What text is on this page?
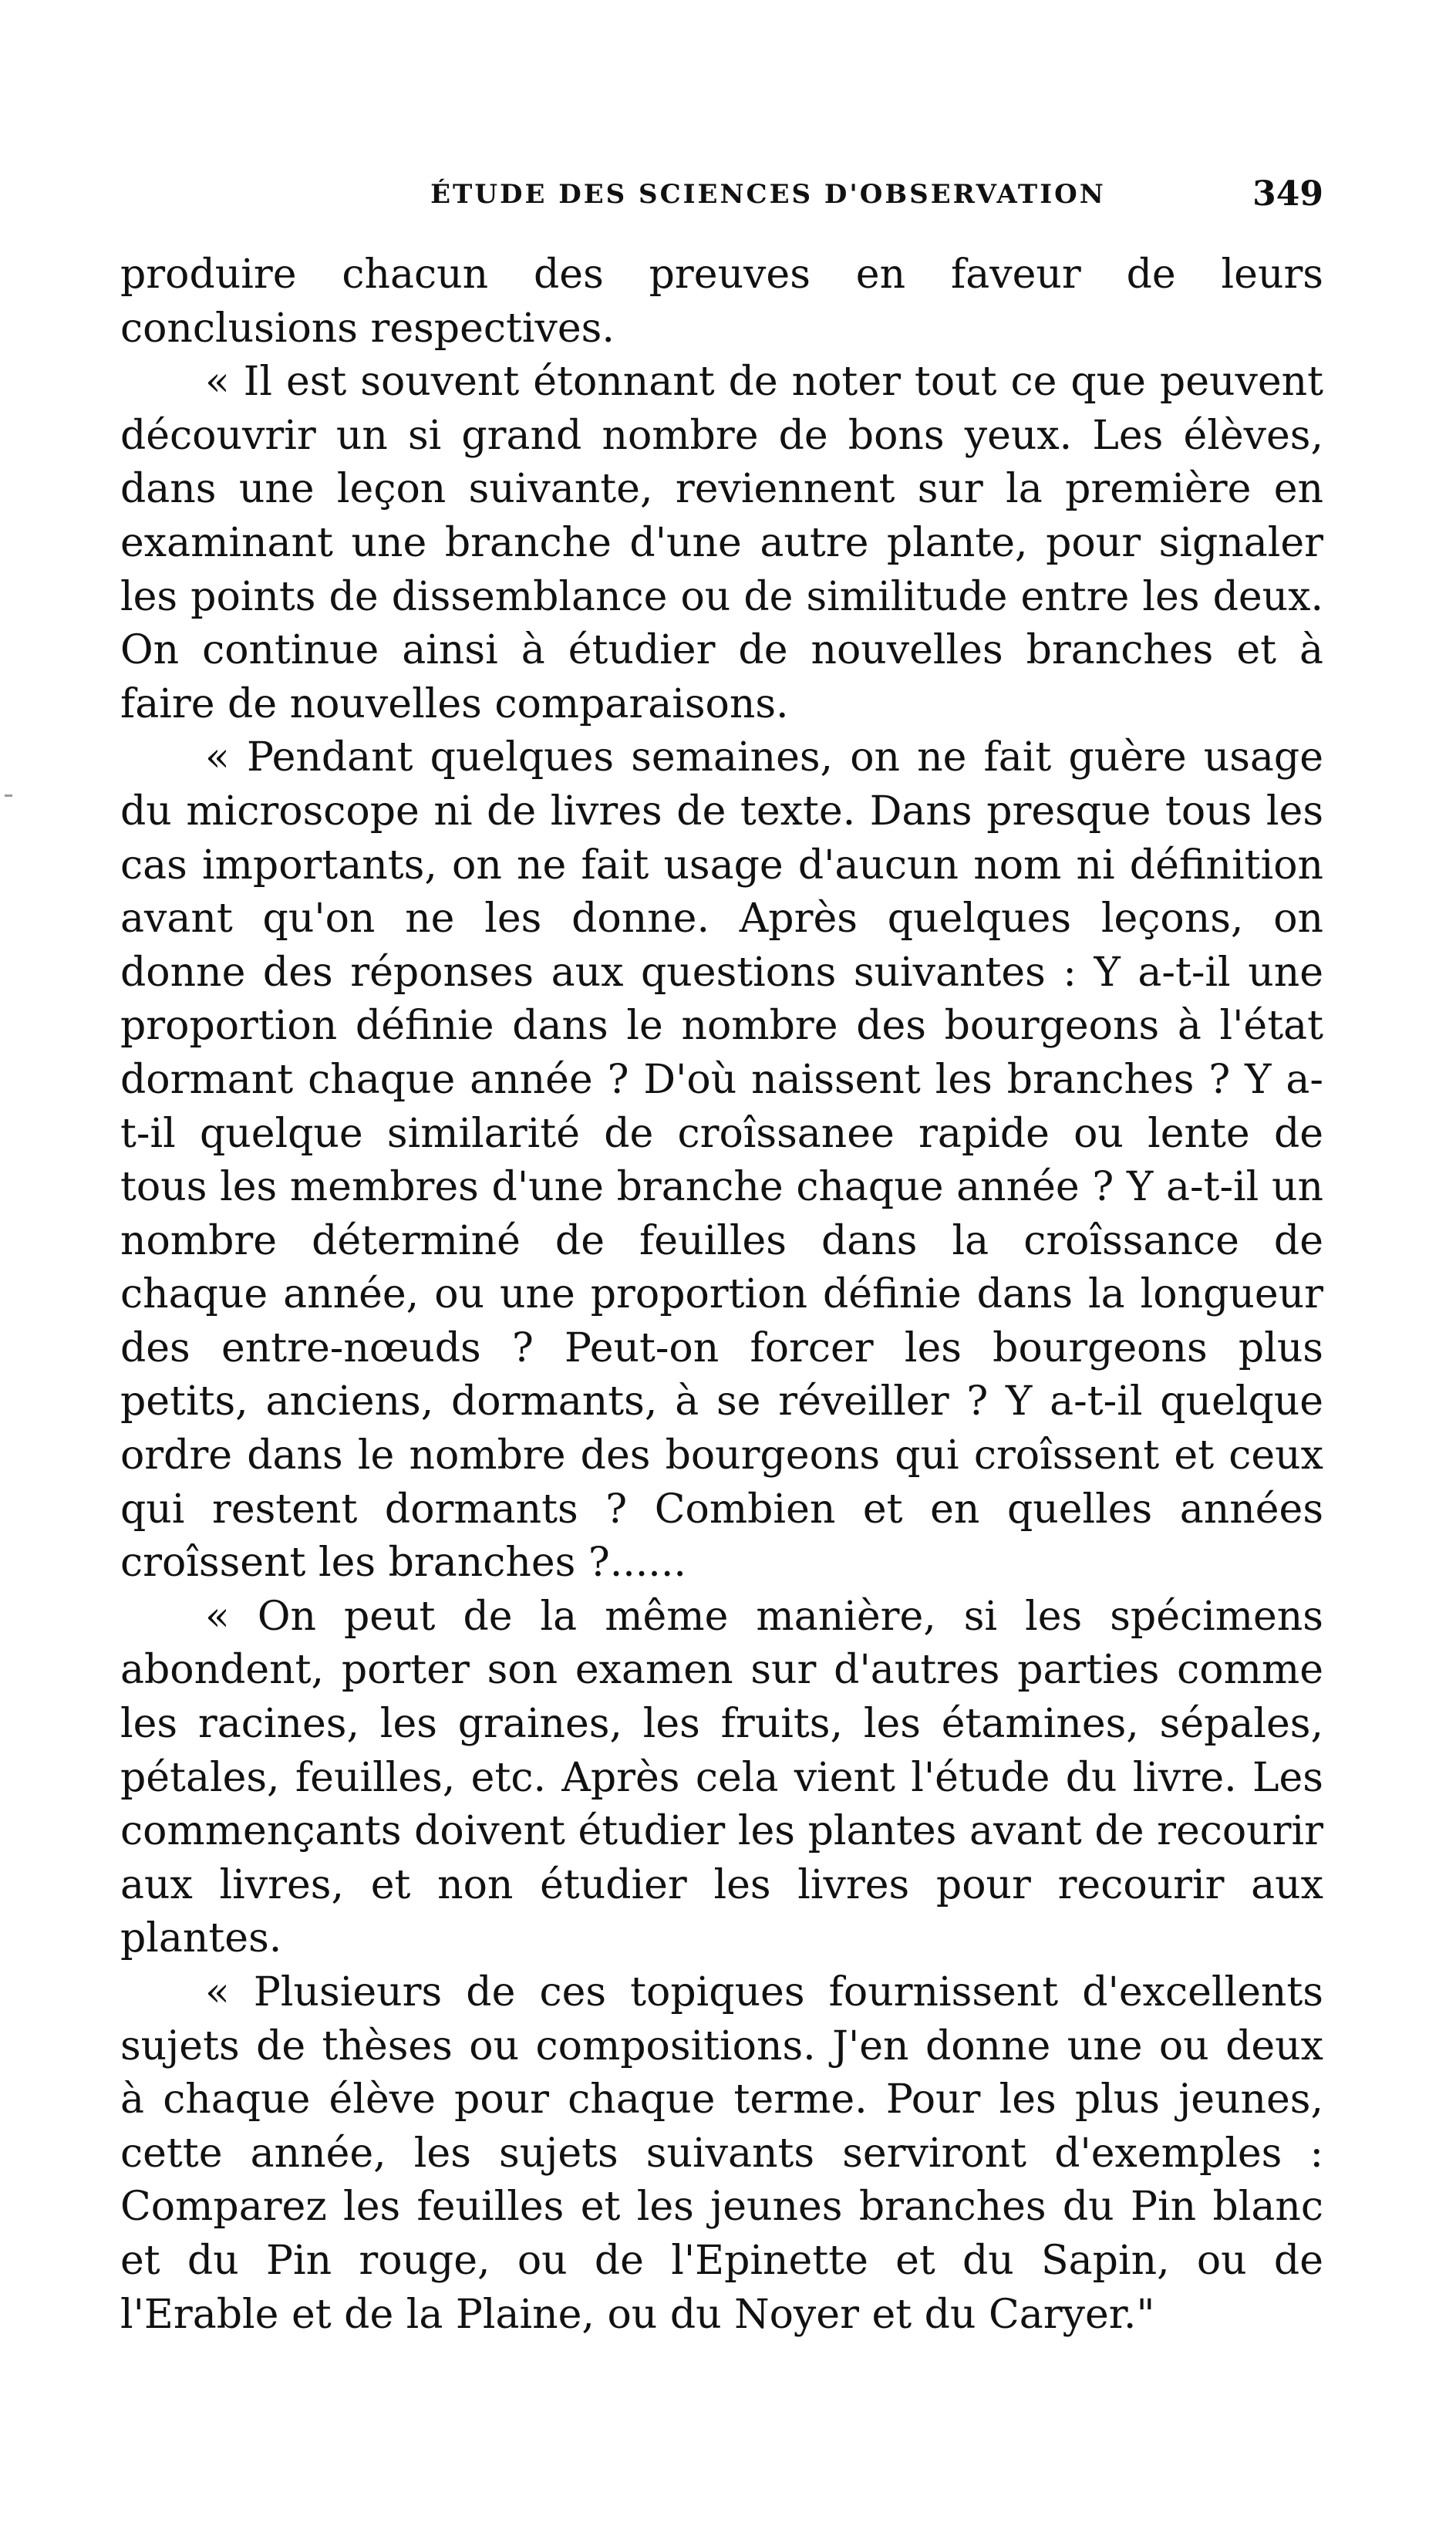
ÉTUDE DES SCIENCES D'OBSERVATION	349

produire chacun des preuves en faveur de leurs conclusions respectives.

« Il est souvent étonnant de noter tout ce que peuvent découvrir un si grand nombre de bons yeux. Les élèves, dans une leçon suivante, reviennent sur la première en examinant une branche d'une autre plante, pour signaler les points de dissemblance ou de similitude entre les deux. On continue ainsi à étudier de nouvelles branches et à faire de nouvelles comparaisons.

« Pendant quelques semaines, on ne fait guère usage du microscope ni de livres de texte. Dans presque tous les cas importants, on ne fait usage d'aucun nom ni définition avant qu'on ne les donne. Après quelques leçons, on donne des réponses aux questions suivantes : Y a-t-il une proportion définie dans le nombre des bourgeons à l'état dormant chaque année ? D'où naissent les branches ? Y a-t-il quelque similarité de croîssanee rapide ou lente de tous les membres d'une branche chaque année ? Y a-t-il un nombre déterminé de feuilles dans la croîssance de chaque année, ou une proportion définie dans la longueur des entre-nœuds ? Peut-on forcer les bourgeons plus petits, anciens, dormants, à se réveiller ? Y a-t-il quelque ordre dans le nombre des bourgeons qui croîssent et ceux qui restent dormants ? Combien et en quelles années croîssent les branches ?......

« On peut de la même manière, si les spécimens abondent, porter son examen sur d'autres parties comme les racines, les graines, les fruits, les étamines, sépales, pétales, feuilles, etc. Après cela vient l'étude du livre. Les commençants doivent étudier les plantes avant de recourir aux livres, et non étudier les livres pour recourir aux plantes.

« Plusieurs de ces topiques fournissent d'excellents sujets de thèses ou compositions. J'en donne une ou deux à chaque élève pour chaque terme. Pour les plus jeunes, cette année, les sujets suivants serviront d'exemples : Comparez les feuilles et les jeunes branches du Pin blanc et du Pin rouge, ou de l'Epinette et du Sapin, ou de l'Erable et de la Plaine, ou du Noyer et du Caryer."
